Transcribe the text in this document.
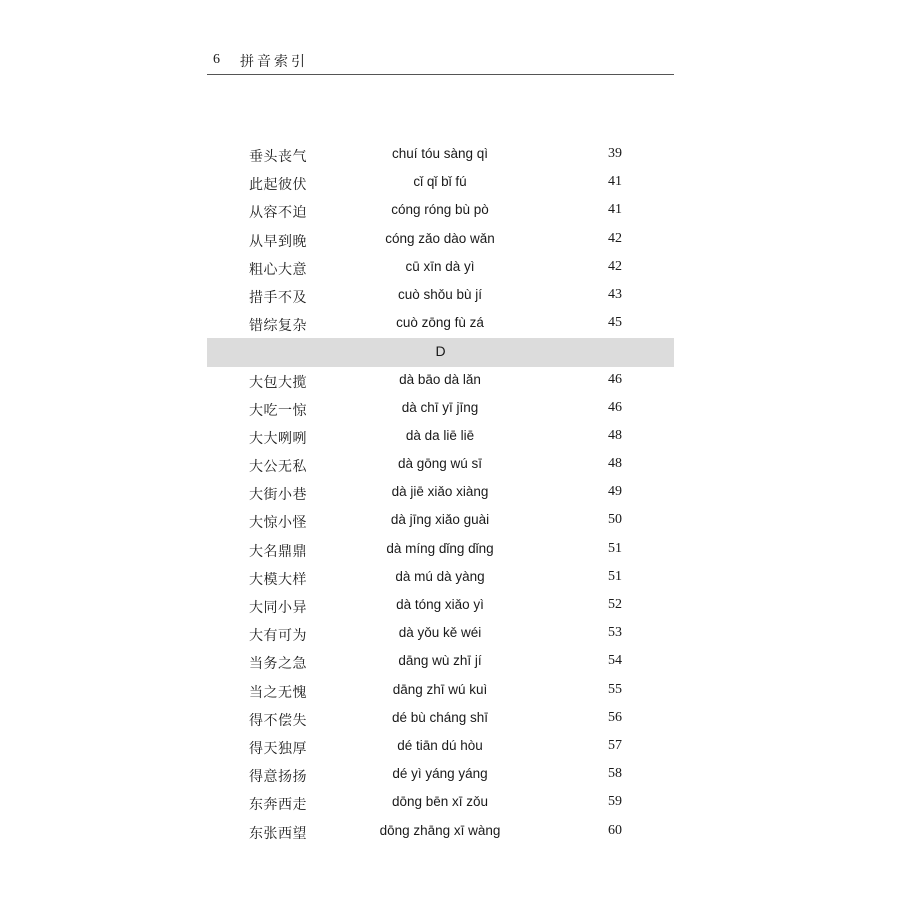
6 拼音索引
垂头丧气	chuí tóu sàng qì	39
此起彼伏	cǐ qǐ bǐ fú	41
从容不迫	cóng róng bù pò	41
从早到晚	cóng zǎo dào wǎn	42
粗心大意	cū xīn dà yì	42
措手不及	cuò shǒu bù jí	43
错综复杂	cuò zōng fù zá	45
D
大包大揽	dà bāo dà lǎn	46
大吃一惊	dà chī yī jīng	46
大大咧咧	dà da liē liē	48
大公无私	dà gōng wú sī	48
大街小巷	dà jiē xiǎo xiàng	49
大惊小怪	dà jīng xiǎo guài	50
大名鼎鼎	dà míng dǐng dǐng	51
大模大样	dà mú dà yàng	51
大同小异	dà tóng xiǎo yì	52
大有可为	dà yǒu kě wéi	53
当务之急	dāng wù zhī jí	54
当之无愧	dāng zhī wú kuì	55
得不偿失	dé bù cháng shī	56
得天独厚	dé tiān dú hòu	57
得意扬扬	dé yì yáng yáng	58
东奔西走	dōng bēn xī zǒu	59
东张西望	dōng zhāng xī wàng	60
